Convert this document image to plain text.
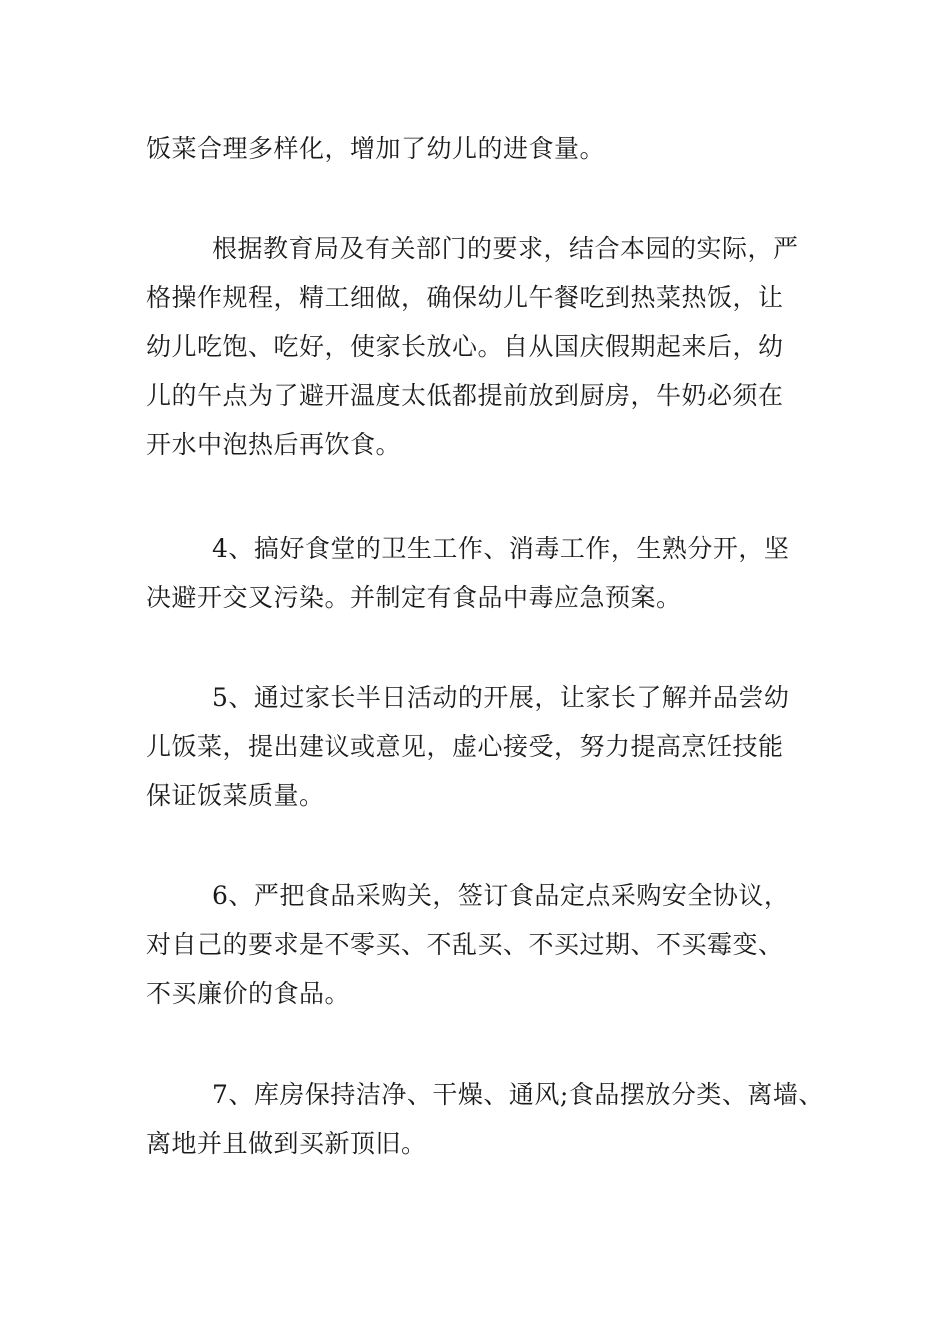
饭菜合理多样化，增加了幼儿的进食量。

根据教育局及有关部门的要求，结合本园的实际，严
格操作规程，精工细做，确保幼儿午餐吃到热菜热饭，让
幼儿吃饱、吃好，使家长放心。自从国庆假期起来后，幼
儿的午点为了避开温度太低都提前放到厨房，牛奶必须在
开水中泡热后再饮食。

4、搞好食堂的卫生工作、消毒工作，生熟分开，坚
决避开交叉污染。并制定有食品中毒应急预案。

5、通过家长半日活动的开展，让家长了解并品尝幼
儿饭菜，提出建议或意见，虚心接受，努力提高烹饪技能
保证饭菜质量。

6、严把食品采购关，签订食品定点采购安全协议，
对自己的要求是不零买、不乱买、不买过期、不买霉变、
不买廉价的食品。

7、库房保持洁净、干燥、通风;食品摆放分类、离墙、
离地并且做到买新顶旧。
